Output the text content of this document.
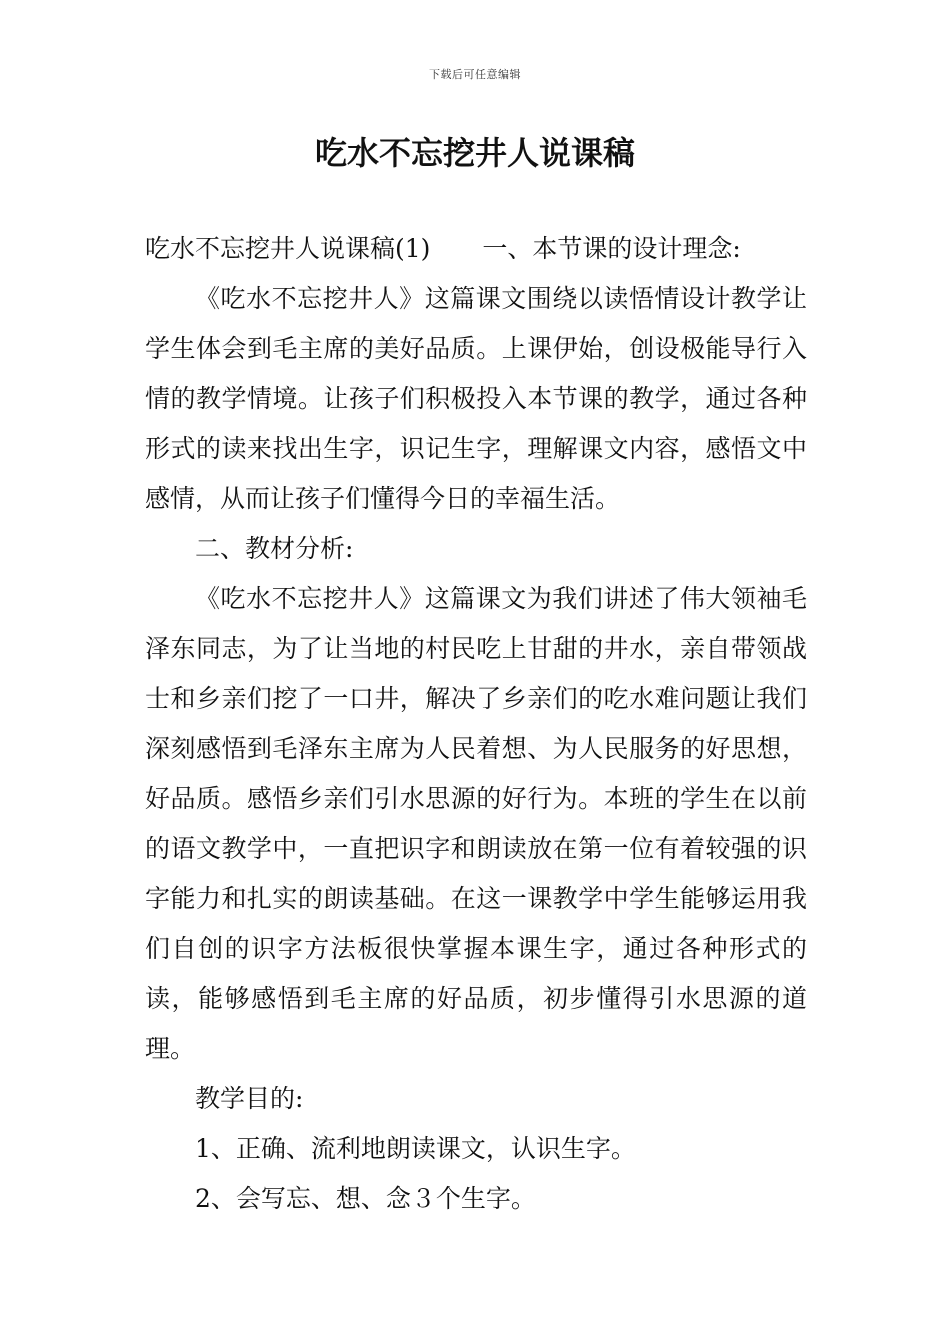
下载后可任意编辑
吃水不忘挖井人说课稿

吃水不忘挖井人说课稿(1) 一、本节课的设计理念:

《吃水不忘挖井人》这篇课文围绕以读悟情设计教学让学生体会到毛主席的美好品质。上课伊始，创设极能导行入情的教学情境。让孩子们积极投入本节课的教学，通过各种形式的读来找出生字，识记生字，理解课文内容，感悟文中感情，从而让孩子们懂得今日的幸福生活。

二、教材分析:

《吃水不忘挖井人》这篇课文为我们讲述了伟大领袖毛泽东同志，为了让当地的村民吃上甘甜的井水，亲自带领战士和乡亲们挖了一口井，解决了乡亲们的吃水难问题让我们深刻感悟到毛泽东主席为人民着想、为人民服务的好思想，好品质。感悟乡亲们引水思源的好行为。本班的学生在以前的语文教学中，一直把识字和朗读放在第一位有着较强的识字能力和扎实的朗读基础。在这一课教学中学生能够运用我们自创的识字方法板很快掌握本课生字，通过各种形式的读，能够感悟到毛主席的好品质，初步懂得引水思源的道理。

教学目的:

1、正确、流利地朗读课文，认识生字。

2、会写忘、想、念３个生字。
